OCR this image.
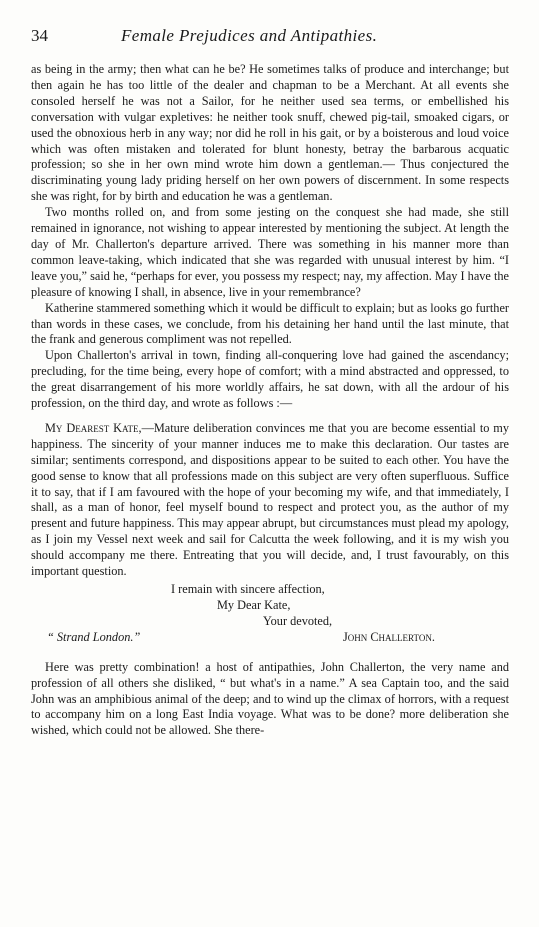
34	Female Prejudices and Antipathies.

as being in the army; then what can he be? He sometimes talks of produce and interchange; but then again he has too little of the dealer and chapman to be a Merchant. At all events she consoled herself he was not a Sailor, for he neither used sea terms, or embellished his conversation with vulgar expletives: he neither took snuff, chewed pig-tail, smoaked cigars, or used the obnoxious herb in any way; nor did he roll in his gait, or by a boisterous and loud voice which was often mistaken and tolerated for blunt honesty, betray the barbarous acquatic profession; so she in her own mind wrote him down a gentleman.— Thus conjectured the discriminating young lady priding herself on her own powers of discernment. In some respects she was right, for by birth and education he was a gentleman.

Two months rolled on, and from some jesting on the conquest she had made, she still remained in ignorance, not wishing to appear interested by mentioning the subject. At length the day of Mr. Challerton's departure arrived. There was something in his manner more than common leave-taking, which indicated that she was regarded with unusual interest by him. “I leave you,” said he, “perhaps for ever, you possess my respect; nay, my affection. May I have the pleasure of knowing I shall, in absence, live in your remembrance?

Katherine stammered something which it would be difficult to explain; but as looks go further than words in these cases, we conclude, from his detaining her hand until the last minute, that the frank and generous compliment was not repelled.

Upon Challerton's arrival in town, finding all-conquering love had gained the ascendancy; precluding, for the time being, every hope of comfort; with a mind abstracted and oppressed, to the great disarrangement of his more worldly affairs, he sat down, with all the ardour of his profession, on the third day, and wrote as follows :—

My Dearest Kate,—Mature deliberation convinces me that you are become essential to my happiness. The sincerity of your manner induces me to make this declaration. Our tastes are similar; sentiments correspond, and dispositions appear to be suited to each other. You have the good sense to know that all professions made on this subject are very often superfluous. Suffice it to say, that if I am favoured with the hope of your becoming my wife, and that immediately, I shall, as a man of honor, feel myself bound to respect and protect you, as the author of my present and future happiness. This may appear abrupt, but circumstances must plead my apology, as I join my Vessel next week and sail for Calcutta the week following, and it is my wish you should accompany me there. Entreating that you will decide, and, I trust favourably, on this important question.

I remain with sincere affection,
My Dear Kate,
Your devoted,
“ Strand London.”	John Challerton.

Here was pretty combination! a host of antipathies, John Challerton, the very name and profession of all others she disliked, “ but what's in a name.” A sea Captain too, and the said John was an amphibious animal of the deep; and to wind up the climax of horrors, with a request to accompany him on a long East India voyage. What was to be done? more deliberation she wished, which could not be allowed. She there-
